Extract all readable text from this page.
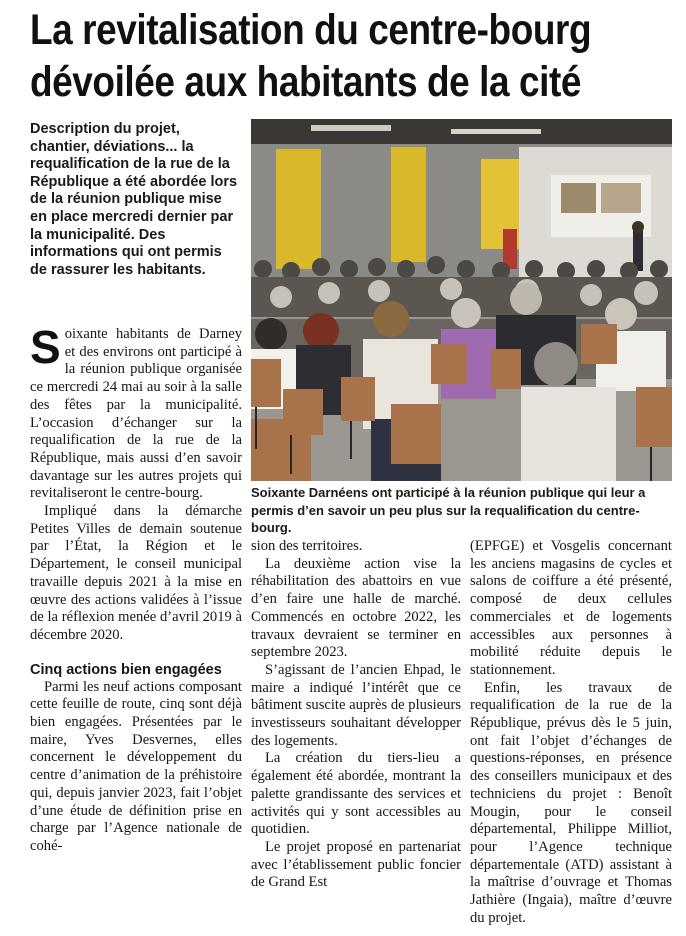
La revitalisation du centre-bourg
dévoilée aux habitants de la cité
Description du projet, chantier, déviations... la requalification de la rue de la République a été abordée lors de la réunion publique mise en place mercredi dernier par la municipalité. Des informations qui ont permis de rassurer les habitants.
Soixante Darnéens ont participé à la réunion publique qui leur a permis d’en savoir un peu plus sur la requalification du centre-bourg.

Soixante habitants de Darney et des environs ont participé à la réunion publique organisée ce mercredi 24 mai au soir à la salle des fêtes par la municipalité. L’occasion d’échanger sur la requalification de la rue de la République, mais aussi d’en savoir davantage sur les autres projets qui revitaliseront le centre-bourg.

Impliqué dans la démarche Petites Villes de demain soutenue par l’État, la Région et le Département, le conseil municipal travaille depuis 2021 à la mise en œuvre des actions validées à l’issue de la réflexion menée d’avril 2019 à décembre 2020.

Cinq actions bien engagées

Parmi les neuf actions composant cette feuille de route, cinq sont déjà bien engagées. Présentées par le maire, Yves Desvernes, elles concernent le développement du centre d’animation de la préhistoire qui, depuis janvier 2023, fait l’objet d’une étude de définition prise en charge par l’Agence nationale de cohé-

sion des territoires.

La deuxième action vise la réhabilitation des abattoirs en vue d’en faire une halle de marché. Commencés en octobre 2022, les travaux devraient se terminer en septembre 2023.

S’agissant de l’ancien Ehpad, le maire a indiqué l’intérêt que ce bâtiment suscite auprès de plusieurs investisseurs souhaitant développer des logements.

La création du tiers-lieu a également été abordée, montrant la palette grandissante des services et activités qui y sont accessibles au quotidien.

Le projet proposé en partenariat avec l’établissement public foncier de Grand Est

(EPFGE) et Vosgelis concernant les anciens magasins de cycles et salons de coiffure a été présenté, composé de deux cellules commerciales et de logements accessibles aux personnes à mobilité réduite depuis le stationnement.

Enfin, les travaux de requalification de la rue de la République, prévus dès le 5 juin, ont fait l’objet d’échanges de questions-réponses, en présence des conseillers municipaux et des techniciens du projet : Benoît Mougin, pour le conseil départemental, Philippe Milliot, pour l’Agence technique départementale (ATD) assistant à la maîtrise d’ouvrage et Thomas Jathière (Ingaia), maître d’œuvre du projet.
